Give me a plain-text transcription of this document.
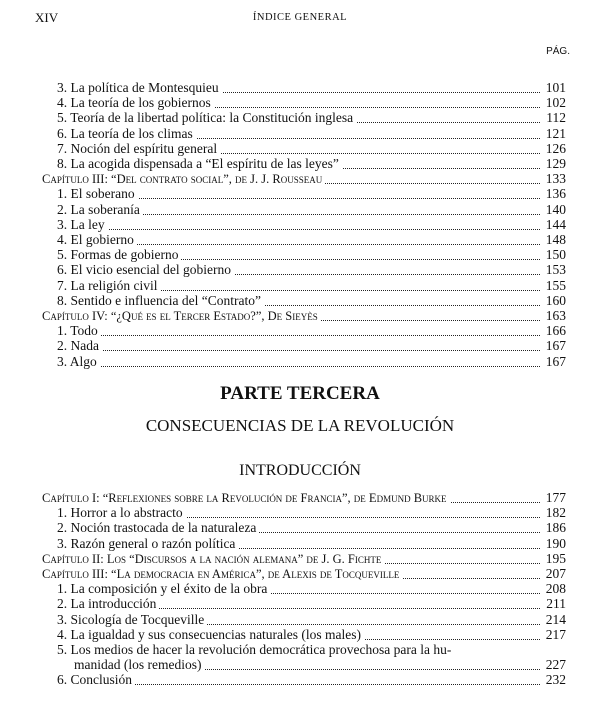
XIV	ÍNDICE GENERAL
PÁG.
3. La política de Montesquieu	101
4. La teoría de los gobiernos	102
5. Teoría de la libertad política: la Constitución inglesa	112
6. La teoría de los climas	121
7. Noción del espíritu general	126
8. La acogida dispensada a “El espíritu de las leyes”	129
Capítulo III: “Del contrato social”, de J. J. Rousseau	133
1. El soberano	136
2. La soberanía	140
3. La ley	144
4. El gobierno	148
5. Formas de gobierno	150
6. El vicio esencial del gobierno	153
7. La religión civil	155
8. Sentido e influencia del “Contrato”	160
Capítulo IV: “¿Qué es el Tercer Estado?”, De Sieyès	163
1. Todo	166
2. Nada	167
3. Algo	167
PARTE TERCERA
CONSECUENCIAS DE LA REVOLUCIÓN
INTRODUCCIÓN
Capítulo I: “Reflexiones sobre la Revolución de Francia”, de Edmund Burke	177
1. Horror a lo abstracto	182
2. Noción trastocada de la naturaleza	186
3. Razón general o razón política	190
Capítulo II: Los “Discursos a la nación alemana” de J. G. Fichte	195
Capítulo III: “La democracia en América”, de Alexis de Tocqueville	207
1. La composición y el éxito de la obra	208
2. La introducción	211
3. Sicología de Tocqueville	214
4. La igualdad y sus consecuencias naturales (los males)	217
5. Los medios de hacer la revolución democrática provechosa para la hu-
manidad (los remedios)	227
6. Conclusión	232
